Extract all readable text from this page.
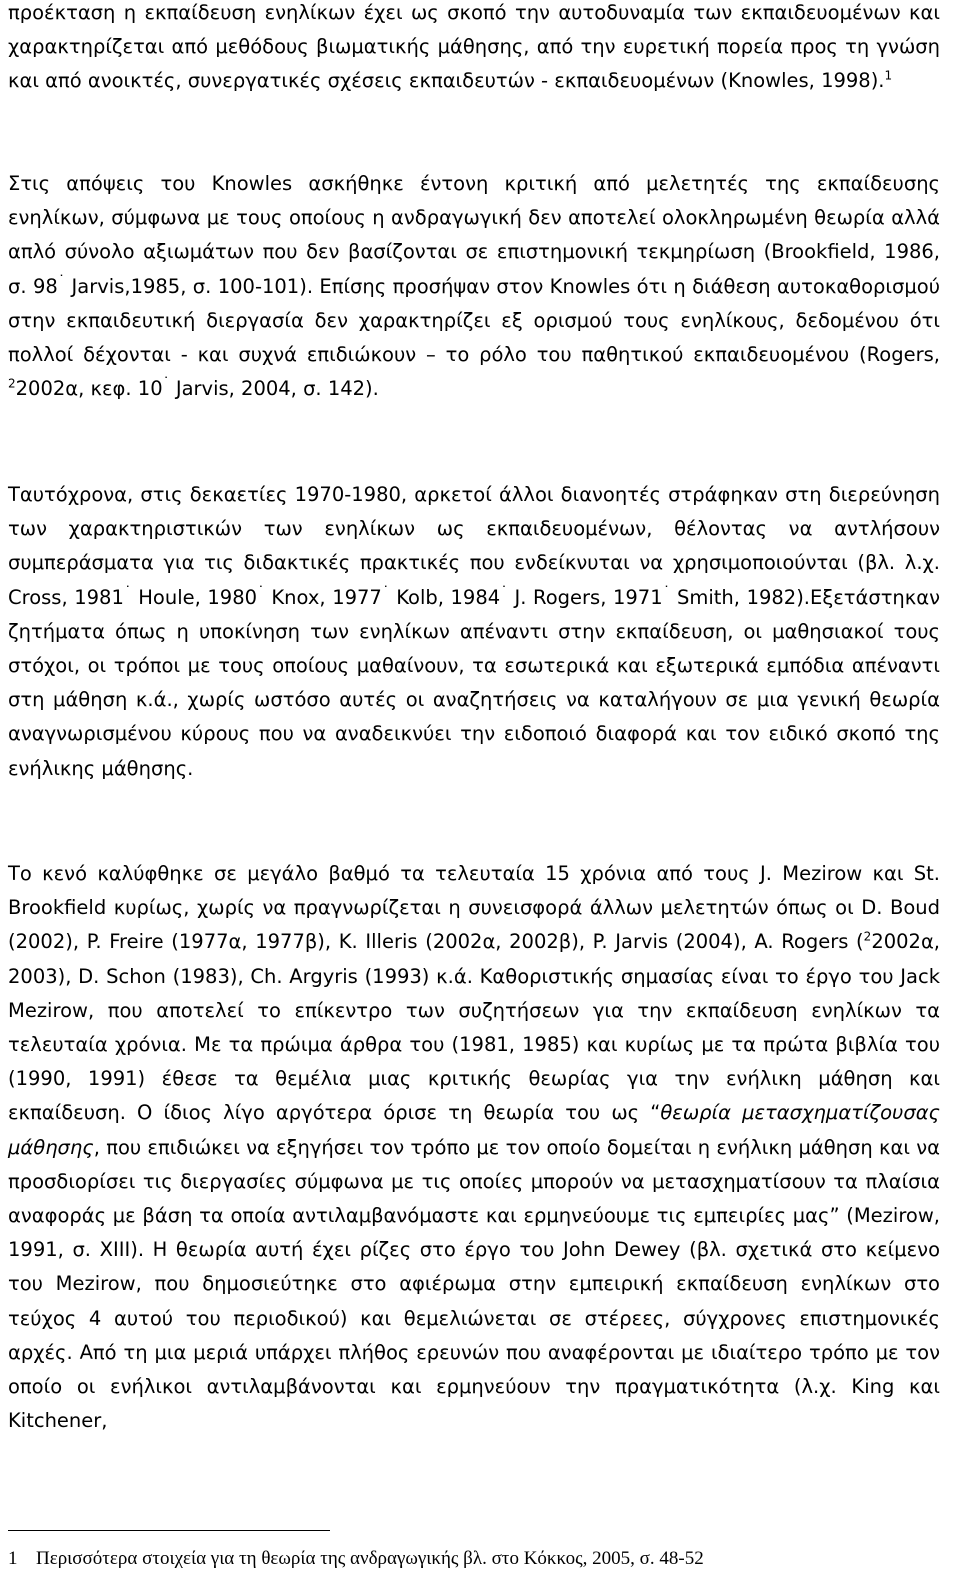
προέκταση η εκπαίδευση ενηλίκων έχει ως σκοπό την αυτοδυναμία των εκπαιδευομένων και χαρακτηρίζεται από μεθόδους βιωματικής μάθησης, από την ευρετική πορεία προς τη γνώση και από ανοικτές, συνεργατικές σχέσεις εκπαιδευτών - εκπαιδευομένων (Knowles, 1998).$^1$

Στις απόψεις του Knowles ασκήθηκε έντονη κριτική από μελετητές της εκπαίδευσης ενηλίκων, σύμφωνα με τους οποίους η ανδραγωγική δεν αποτελεί ολοκληρωμένη θεωρία αλλά απλό σύνολο αξιωμάτων που δεν βασίζονται σε επιστημονική τεκμηρίωση (Brookfield, 1986, σ. 98˙ Jarvis,1985, σ. 100-101). Επίσης προσήψαν στον Knowles ότι η διάθεση αυτοκαθορισμού στην εκπαιδευτική διεργασία δεν χαρακτηρίζει εξ ορισμού τους ενηλίκους, δεδομένου ότι πολλοί δέχονται - και συχνά επιδιώκουν – το ρόλο του παθητικού εκπαιδευομένου (Rogers, $^2$2002α, κεφ. 10˙ Jarvis, 2004, σ. 142).

Ταυτόχρονα, στις δεκαετίες 1970-1980, αρκετοί άλλοι διανοητές στράφηκαν στη διερεύνηση των χαρακτηριστικών των ενηλίκων ως εκπαιδευομένων, θέλοντας να αντλήσουν συμπεράσματα για τις διδακτικές πρακτικές που ενδείκνυται να χρησιμοποιούνται (βλ. λ.χ. Cross, 1981˙ Houle, 1980˙ Knox, 1977˙ Kolb, 1984˙ J. Rogers, 1971˙ Smith, 1982).Εξετάστηκαν ζητήματα όπως η υποκίνηση των ενηλίκων απέναντι στην εκπαίδευση, οι μαθησιακοί τους στόχοι, οι τρόποι με τους οποίους μαθαίνουν, τα εσωτερικά και εξωτερικά εμπόδια απέναντι στη μάθηση κ.ά., χωρίς ωστόσο αυτές οι αναζητήσεις να καταλήγουν σε μια γενική θεωρία αναγνωρισμένου κύρους που να αναδεικνύει την ειδοποιό διαφορά και τον ειδικό σκοπό της ενήλικης μάθησης.

Το κενό καλύφθηκε σε μεγάλο βαθμό τα τελευταία 15 χρόνια από τους J. Mezirow και St. Brookfield κυρίως, χωρίς να πραγνωρίζεται η συνεισφορά άλλων μελετητών όπως οι D. Boud (2002), P. Freire (1977α, 1977β), K. Illeris (2002α, 2002β), P. Jarvis (2004), A. Rogers ($^2$2002α, 2003), D. Schon (1983), Ch. Argyris (1993) κ.ά. Καθοριστικής σημασίας είναι το έργο του Jack Mezirow, που αποτελεί το επίκεντρο των συζητήσεων για την εκπαίδευση ενηλίκων τα τελευταία χρόνια. Με τα πρώιμα άρθρα του (1981, 1985) και κυρίως με τα πρώτα βιβλία του (1990, 1991) έθεσε τα θεμέλια μιας κριτικής θεωρίας για την ενήλικη μάθηση και εκπαίδευση. Ο ίδιος λίγο αργότερα όρισε τη θεωρία του ως “θεωρία μετασχηματίζουσας μάθησης, που επιδιώκει να εξηγήσει τον τρόπο με τον οποίο δομείται η ενήλικη μάθηση και να προσδιορίσει τις διεργασίες σύμφωνα με τις οποίες μπορούν να μετασχηματίσουν τα πλαίσια αναφοράς με βάση τα οποία αντιλαμβανόμαστε και ερμηνεύουμε τις εμπειρίες μας” (Mezirow, 1991, σ. XIII). Η θεωρία αυτή έχει ρίζες στο έργο του John Dewey (βλ. σχετικά στο κείμενο του Mezirow, που δημοσιεύτηκε στο αφιέρωμα στην εμπειρική εκπαίδευση ενηλίκων στο τεύχος 4 αυτού του περιοδικού) και θεμελιώνεται σε στέρεες, σύγχρονες επιστημονικές αρχές. Από τη μια μεριά υπάρχει πλήθος ερευνών που αναφέρονται με ιδιαίτερο τρόπο με τον οποίο οι ενήλικοι αντιλαμβάνονται και ερμηνεύουν την πραγματικότητα (λ.χ. King και Kitchener,

1 Περισσότερα στοιχεία για τη θεωρία της ανδραγωγικής βλ. στο Κόκκος, 2005, σ. 48-52
